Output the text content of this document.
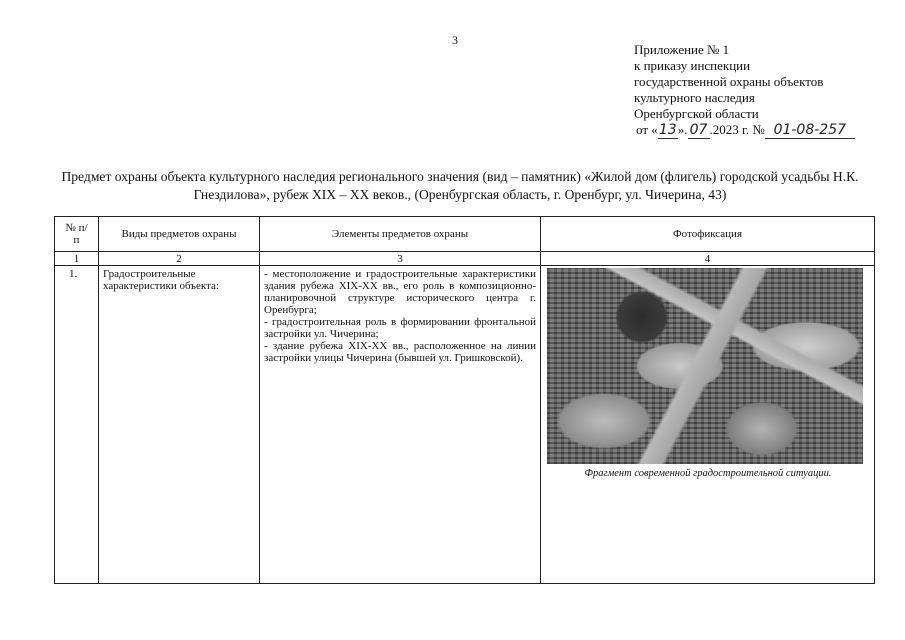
3
Приложение № 1
к приказу инспекции
государственной охраны объектов
культурного наследия
Оренбургской области
от «13». 07 .2023 г. № 01-08-257
Предмет охраны объекта культурного наследия регионального значения (вид – памятник) «Жилой дом (флигель) городской усадьбы Н.К. Гнездилова», рубеж XIX – XX веков., (Оренбургская область, г. Оренбург, ул. Чичерина, 43)
№ п/п	Виды предметов охраны	Элементы предметов охраны	Фотофиксация
1	2	3	4
1.	Градостроительные характеристики объекта:	- местоположение и градостроительные характеристики здания рубежа XIX-XX вв., его роль в композиционно-планировочной структуре исторического центра г. Оренбурга;
- градостроительная роль в формировании фронтальной застройки ул. Чичерина;
- здание рубежа XIX-XX вв., расположенное на линии застройки улицы Чичерина (бывшей ул. Гришковской).	Фрагмент современной градостроительной ситуации.
